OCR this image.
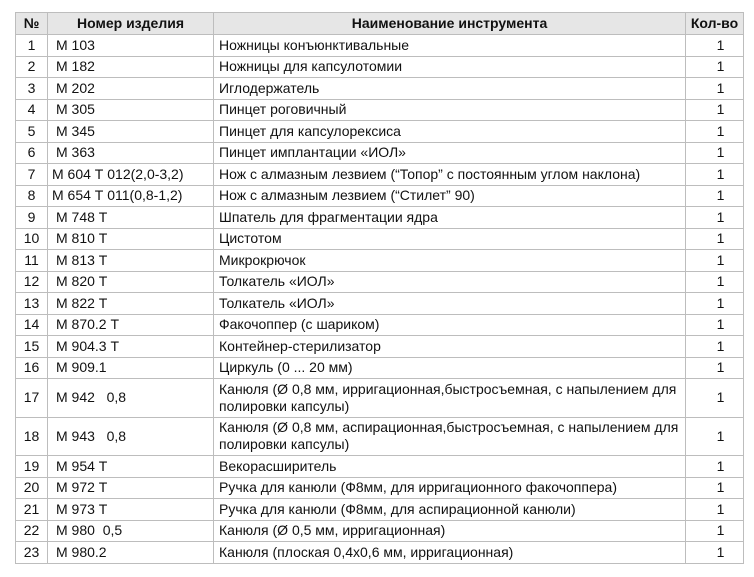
№	Номер изделия	Наименование инструмента	Кол-во
1	М 103	Ножницы конъюнктивальные	1
2	М 182	Ножницы для капсулотомии	1
3	М 202	Иглодержатель	1
4	М 305	Пинцет роговичный	1
5	М 345	Пинцет для капсулорексиса	1
6	М 363	Пинцет имплантации «ИОЛ»	1
7	М 604 Т 012(2,0-3,2)	Нож с алмазным лезвием (“Топор” с постоянным углом наклона)	1
8	М 654 Т 011(0,8-1,2)	Нож с алмазным лезвием (“Стилет” 90)	1
9	М 748 Т	Шпатель для фрагментации ядра	1
10	М 810 Т	Цистотом	1
11	М 813 Т	Микрокрючок	1
12	М 820 Т	Толкатель «ИОЛ»	1
13	М 822 Т	Толкатель «ИОЛ»	1
14	М 870.2 Т	Факочоппер (с шариком)	1
15	М 904.3 Т	Контейнер-стерилизатор	1
16	М 909.1	Циркуль (0 ... 20 мм)	1
17	М 942   0,8	Канюля (Ø 0,8 мм, ирригационная,быстросъемная, с напылением для полировки капсулы)	1
18	М 943   0,8	Канюля (Ø 0,8 мм, аспирационная,быстросъемная, с напылением для полировки капсулы)	1
19	М 954 Т	Векорасширитель	1
20	М 972 Т	Ручка для канюли (Ф8мм, для ирригационного факочоппера)	1
21	М 973 Т	Ручка для канюли (Ф8мм, для аспирационной канюли)	1
22	М 980  0,5	Канюля (Ø 0,5 мм, ирригационная)	1
23	М 980.2	Канюля (плоская 0,4х0,6 мм, ирригационная)	1
